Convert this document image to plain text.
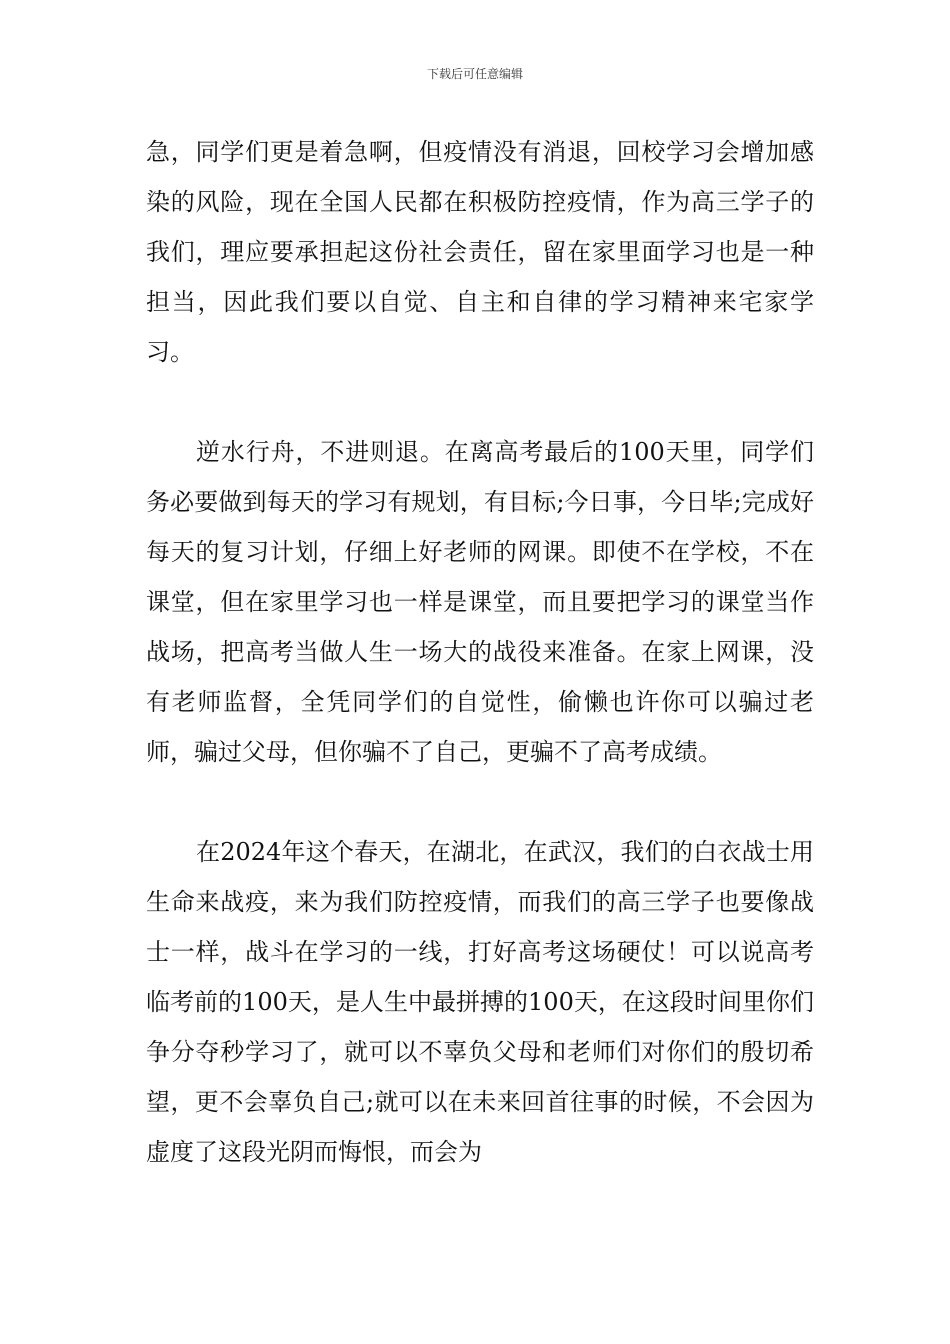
下载后可任意编辑

急，同学们更是着急啊，但疫情没有消退，回校学习会增加感染的风险，现在全国人民都在积极防控疫情，作为高三学子的我们，理应要承担起这份社会责任，留在家里面学习也是一种担当，因此我们要以自觉、自主和自律的学习精神来宅家学习。

逆水行舟，不进则退。在离高考最后的100天里，同学们务必要做到每天的学习有规划，有目标;今日事，今日毕;完成好每天的复习计划，仔细上好老师的网课。即使不在学校，不在课堂，但在家里学习也一样是课堂，而且要把学习的课堂当作战场，把高考当做人生一场大的战役来准备。在家上网课，没有老师监督，全凭同学们的自觉性，偷懒也许你可以骗过老师，骗过父母，但你骗不了自己，更骗不了高考成绩。

在2024年这个春天，在湖北，在武汉，我们的白衣战士用生命来战疫，来为我们防控疫情，而我们的高三学子也要像战士一样，战斗在学习的一线，打好高考这场硬仗！可以说高考临考前的100天，是人生中最拼搏的100天，在这段时间里你们争分夺秒学习了，就可以不辜负父母和老师们对你们的殷切希望，更不会辜负自己;就可以在未来回首往事的时候，不会因为虚度了这段光阴而悔恨，而会为
